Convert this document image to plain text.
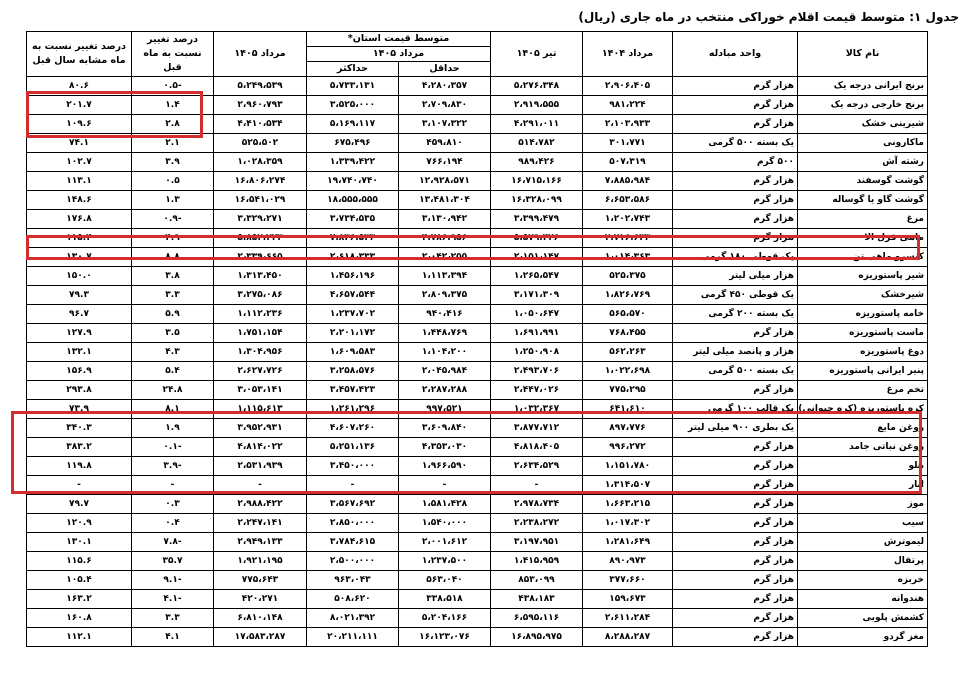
جدول ۱: متوسط قیمت اقلام خوراکی منتخب در ماه جاری (ریال)
نام کالا	واحد مبادله	مرداد ۱۴۰۴	تیر ۱۴۰۵	متوسط قیمت استان*		مرداد ۱۴۰۵	درصد تغییر نسبت به ماه قبل	درصد تغییر نسبت به ماه مشابه سال قبل
				مرداد ۱۴۰۵				
				حداقل	حداکثر			
برنج ایرانی درجه یک	هزار گرم	۲،۹۰۶،۴۰۵	۵،۲۷۶،۳۴۸	۴،۲۸۰،۳۵۷	۵،۷۳۳،۱۳۱	۵،۲۴۹،۵۳۹	-۰.۵	۸۰.۶
برنج خارجی درجه یک	هزار گرم	۹۸۱،۲۲۴	۲،۹۱۹،۵۵۵	۲،۷۰۹،۸۳۰	۳،۵۲۵،۰۰۰	۲،۹۶۰،۷۹۳	۱.۴	۲۰۱.۷
شیرینی خشک	هزار گرم	۲،۱۰۳،۹۳۳	۴،۲۹۱،۰۱۱	۳،۱۰۷،۳۲۲	۵،۱۶۹،۱۱۷	۴،۴۱۰،۵۳۴	۲.۸	۱۰۹.۶
ماکارونی	یک بسته ۵۰۰ گرمی	۳۰۱،۷۷۱	۵۱۴،۷۸۲	۴۵۹،۸۱۰	۶۷۵،۴۹۶	۵۲۵،۵۰۲	۲.۱	۷۴.۱
رشته آش	۵۰۰ گرم	۵۰۷،۳۱۹	۹۸۹،۴۲۶	۷۶۶،۱۹۴	۱،۳۳۹،۴۲۲	۱،۰۲۸،۳۵۹	۳.۹	۱۰۲.۷
گوشت گوسفند	هزار گرم	۷،۸۸۵،۹۸۴	۱۶،۷۱۵،۱۶۶	۱۲،۹۲۸،۵۷۱	۱۹،۷۴۰،۷۴۰	۱۶،۸۰۶،۲۷۴	۰.۵	۱۱۳.۱
گوشت گاو یا گوساله	هزار گرم	۶،۶۵۳،۵۸۶	۱۶،۳۲۸،۰۹۹	۱۳،۴۸۱،۳۰۴	۱۸،۵۵۵،۵۵۵	۱۶،۵۴۱،۰۲۹	۱.۳	۱۴۸.۶
مرغ	هزار گرم	۱،۲۰۲،۷۴۳	۳،۳۹۹،۴۷۹	۳،۱۳۰،۹۴۲	۳،۷۳۴،۵۳۵	۳،۳۲۹،۲۷۱	-۰.۹	۱۷۶.۸
ماهی قزل الا	هزار گرم	۲،۷۱۶،۶۳۳	۵،۵۷۹،۴۲۶	۴،۷۸۶،۹۵۶	۷،۸۳۶،۵۳۳	۵،۸۵۲،۲۲۳	۴.۹	۱۱۵.۴
کنسرو ماهی تن	یک قوطی ۱۸۰ گرمی	۱،۰۱۴،۳۶۳	۲،۱۵۱،۱۴۷	۲،۰۴۲،۲۵۵	۲،۶۱۸،۳۳۳	۲،۳۳۹،۶۶۵	۸.۸	۱۳۰.۷
شیر پاستوریزه	هزار میلی لیتر	۵۲۵،۳۷۵	۱،۲۶۵،۵۴۷	۱،۱۱۳،۳۹۴	۱،۴۵۶،۱۹۶	۱،۳۱۳،۴۵۰	۳.۸	۱۵۰.۰
شیرخشک	یک قوطی ۴۵۰ گرمی	۱،۸۲۶،۷۶۹	۳،۱۷۱،۳۰۹	۲،۸۰۹،۳۷۵	۴،۶۵۷،۵۴۴	۳،۲۷۵،۰۸۶	۳.۳	۷۹.۳
خامه پاستوریزه	یک بسته ۲۰۰ گرمی	۵۶۵،۵۷۰	۱،۰۵۰،۶۴۷	۹۴۰،۴۱۶	۱،۲۳۷،۷۰۲	۱،۱۱۲،۲۳۶	۵.۹	۹۶.۷
ماست پاستوریزه	هزار گرم	۷۶۸،۴۵۵	۱،۶۹۱،۹۹۱	۱،۴۴۸،۷۶۹	۲،۲۰۱،۱۷۲	۱،۷۵۱،۱۵۴	۳.۵	۱۲۷.۹
دوغ پاستوریزه	هزار و پانصد میلی لیتر	۵۶۲،۲۶۳	۱،۲۵۰،۹۰۸	۱،۱۰۴،۲۰۰	۱،۶۰۹،۵۸۳	۱،۳۰۴،۹۵۶	۴.۳	۱۳۲.۱
پنیر ایرانی پاستوریزه	یک بسته ۵۰۰ گرمی	۱،۰۲۲،۶۹۸	۲،۴۹۳،۷۰۶	۲،۰۴۵،۹۸۴	۳،۲۵۸،۵۷۶	۲،۶۲۷،۷۲۶	۵.۴	۱۵۶.۹
تخم مرغ	هزار گرم	۷۷۵،۲۹۵	۲،۴۴۷،۰۲۶	۲،۲۸۷،۲۸۸	۳،۴۵۷،۴۲۳	۳،۰۵۳،۱۴۱	۲۴.۸	۲۹۳.۸
کره پاستوریزه (کره حیوانی)	یک قالب ۱۰۰ گرمی	۶۴۱،۶۱۰	۱،۰۳۲،۳۶۷	۹۹۷،۵۲۱	۱،۲۶۱،۲۹۶	۱،۱۱۵،۶۱۳	۸.۱	۷۳.۹
روغن مایع	یک بطری ۹۰۰ میلی لیتر	۸۹۷،۷۷۶	۳،۸۷۷،۷۱۲	۳،۶۰۹،۸۴۰	۴،۶۰۷،۲۶۰	۳،۹۵۲،۹۳۱	۱.۹	۳۴۰.۳
روغن نباتی جامد	هزار گرم	۹۹۶،۲۷۲	۴،۸۱۸،۴۰۵	۴،۳۵۳،۰۳۰	۵،۲۵۱،۱۳۶	۴،۸۱۴،۰۲۲	-۰.۱	۳۸۳.۲
هلو	هزار گرم	۱،۱۵۱،۷۸۰	۲،۶۳۴،۵۲۹	۱،۹۶۶،۵۹۰	۳،۴۵۰،۰۰۰	۲،۵۳۱،۹۳۹	-۳.۹	۱۱۹.۸
انار	هزار گرم	۱،۳۱۴،۵۰۷	-	-	-	-	-	-
موز	هزار گرم	۱،۶۶۳،۲۱۵	۲،۹۷۸،۷۳۴	۱،۵۸۱،۴۲۸	۳،۵۶۷،۶۹۲	۲،۹۸۸،۴۲۲	۰.۳	۷۹.۷
سیب	هزار گرم	۱،۰۱۷،۳۰۲	۲،۲۳۸،۲۷۲	۱،۵۴۰،۰۰۰	۲،۸۵۰،۰۰۰	۲،۲۴۷،۱۴۱	۰.۴	۱۲۰.۹
لیموترش	هزار گرم	۱،۲۸۱،۶۴۹	۳،۱۹۷،۹۵۱	۲،۰۰۱،۶۱۲	۳،۷۸۴،۶۱۵	۲،۹۴۹،۱۳۳	-۷.۸	۱۳۰.۱
پرتقال	هزار گرم	۸۹۰،۹۷۳	۱،۴۱۵،۹۵۹	۱،۲۳۷،۵۰۰	۲،۵۰۰،۰۰۰	۱،۹۲۱،۱۹۵	۳۵.۷	۱۱۵.۶
خربزه	هزار گرم	۳۷۷،۶۶۰	۸۵۳،۰۹۹	۵۶۳،۰۴۰	۹۶۳،۰۴۳	۷۷۵،۶۴۳	-۹.۱	۱۰۵.۴
هندوانه	هزار گرم	۱۵۹،۶۷۳	۴۳۸،۱۸۳	۳۳۸،۵۱۸	۵۰۸،۶۲۰	۴۲۰،۲۷۱	-۴.۱	۱۶۳.۲
کشمش پلویی	هزار گرم	۲،۶۱۱،۲۸۴	۶،۵۹۵،۱۱۶	۵،۲۰۴،۱۶۶	۸،۰۲۱،۳۹۲	۶،۸۱۰،۱۴۸	۳.۳	۱۶۰.۸
مغز گردو	هزار گرم	۸،۲۸۸،۲۸۷	۱۶،۸۹۵،۹۷۵	۱۶،۱۲۳،۰۷۶	۲۰،۲۱۱،۱۱۱	۱۷،۵۸۳،۲۸۷	۴.۱	۱۱۲.۱
